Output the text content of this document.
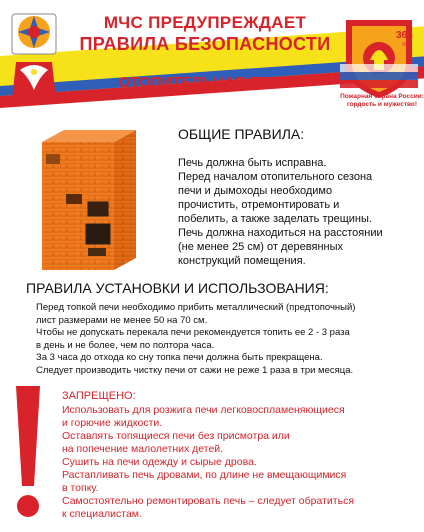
365
лет
МЧС ПРЕДУПРЕЖДАЕТ
ПРАВИЛА БЕЗОПАСНОСТИ
ОТОПИТЕЛЬНАЯ ПЕЧЬ
Пожарная охрана России:
гордость и мужество!
ОБЩИЕ ПРАВИЛА:
Печь должна быть исправна.
Перед началом отопительного сезона
печи и дымоходы необходимо
прочистить, отремонтировать и
побелить, а также заделать трещины.
Печь должна находиться на расстоянии
(не менее 25 см) от деревянных
конструкций помещения.
ПРАВИЛА УСТАНОВКИ И ИСПОЛЬЗОВАНИЯ:
Перед топкой печи необходимо прибить металлический (предтопочный)
лист размерами не менее 50 на 70 см.
Чтобы не допускать перекала печи рекомендуется топить ее 2 - 3 раза
в день и не более, чем по полтора часа.
За 3 часа до отхода ко сну топка печи должна быть прекращена.
Следует производить чистку печи от сажи не реже 1 раза в три месяца.
ЗАПРЕЩЕНО:
Использовать для розжига печи легковоспламеняющиеся
и горючие жидкости.
Оставлять топящиеся печи без присмотра или
на попечение малолетних детей.
Сушить на печи одежду и сырые дрова.
Растапливать печь дровами, по длине не вмещающимися
в топку.
Самостоятельно ремонтировать печь – следует обратиться
к специалистам.
